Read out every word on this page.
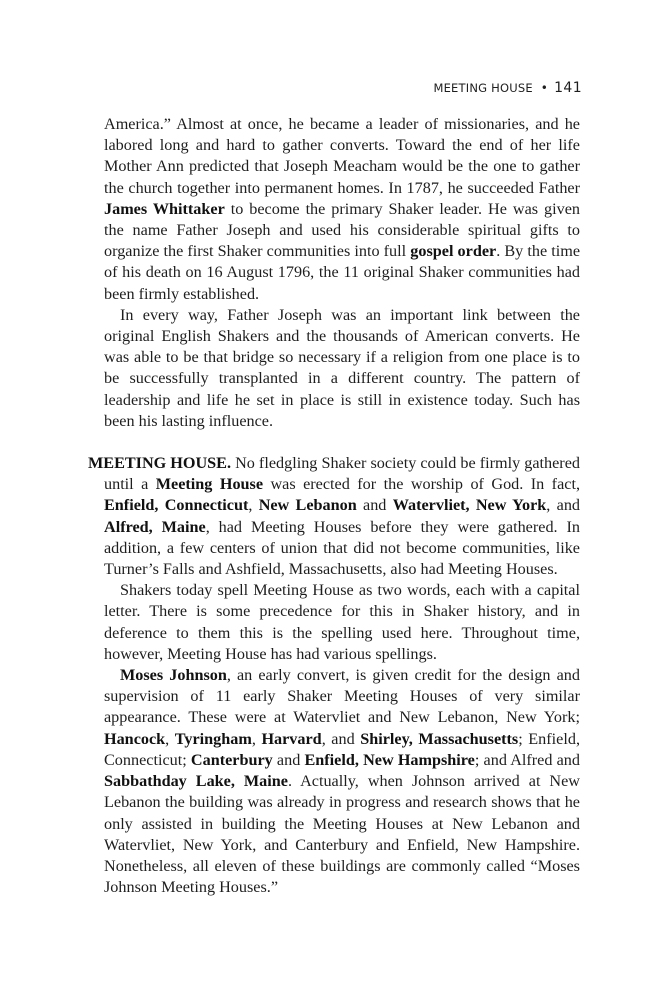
MEETING HOUSE • 141

America.” Almost at once, he became a leader of missionaries, and he labored long and hard to gather converts. Toward the end of her life Mother Ann predicted that Joseph Meacham would be the one to gather the church together into permanent homes. In 1787, he succeeded Father James Whittaker to become the primary Shaker leader. He was given the name Father Joseph and used his considerable spiritual gifts to organize the first Shaker communities into full gospel order. By the time of his death on 16 August 1796, the 11 original Shaker communities had been firmly established.

In every way, Father Joseph was an important link between the original English Shakers and the thousands of American converts. He was able to be that bridge so necessary if a religion from one place is to be successfully transplanted in a different country. The pattern of leadership and life he set in place is still in existence today. Such has been his lasting influence.

MEETING HOUSE. No fledgling Shaker society could be firmly gathered until a Meeting House was erected for the worship of God. In fact, Enfield, Connecticut, New Lebanon and Watervliet, New York, and Alfred, Maine, had Meeting Houses before they were gathered. In addition, a few centers of union that did not become communities, like Turner’s Falls and Ashfield, Massachusetts, also had Meeting Houses.

Shakers today spell Meeting House as two words, each with a capital letter. There is some precedence for this in Shaker history, and in deference to them this is the spelling used here. Throughout time, however, Meeting House has had various spellings.

Moses Johnson, an early convert, is given credit for the design and supervision of 11 early Shaker Meeting Houses of very similar appearance. These were at Watervliet and New Lebanon, New York; Hancock, Tyringham, Harvard, and Shirley, Massachusetts; Enfield, Connecticut; Canterbury and Enfield, New Hampshire; and Alfred and Sabbathday Lake, Maine. Actually, when Johnson arrived at New Lebanon the building was already in progress and research shows that he only assisted in building the Meeting Houses at New Lebanon and Watervliet, New York, and Canterbury and Enfield, New Hampshire. Nonetheless, all eleven of these buildings are commonly called “Moses Johnson Meeting Houses.”
